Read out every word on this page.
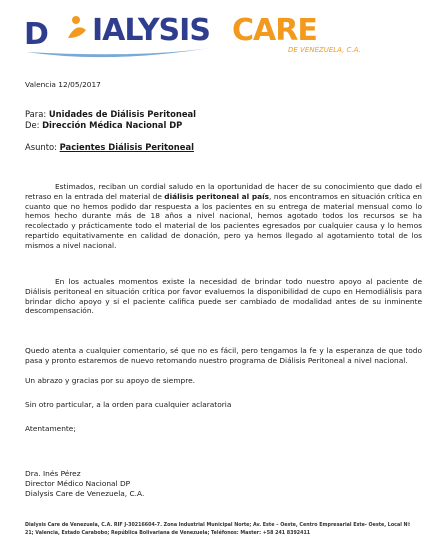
D IALYSIS CARE
DE VENEZUELA, C.A.

Valencia 12/05/2017

Para: Unidades de Diálisis Peritoneal

De: Dirección Médica Nacional DP

Asunto: Pacientes Diálisis Peritoneal

Estimados, reciban un cordial saludo en la oportunidad de hacer de su conocimiento que dado el retraso en la entrada del material de diálisis peritoneal al país, nos encontramos en situación crítica en cuanto que no hemos podido dar respuesta a los pacientes en su entrega de material mensual como lo hemos hecho durante más de 18 años a nivel nacional, hemos agotado todos los recursos se ha recolectado y prácticamente todo el material de los pacientes egresados por cualquier causa y lo hemos repartido equitativamente en calidad de donación, pero ya hemos llegado al agotamiento total de los mismos a nivel nacional.

En los actuales momentos existe la necesidad de brindar todo nuestro apoyo al paciente de Diálisis peritoneal en situación crítica por favor evaluemos la disponibilidad de cupo en Hemodiálisis para brindar dicho apoyo y si el paciente califica puede ser cambiado de modalidad antes de su inminente descompensación.

Quedo atenta a cualquier comentario, sé que no es fácil, pero tengamos la fe y la esperanza de que todo pasa y pronto estaremos de nuevo retomando nuestro programa de Diálisis Peritoneal a nivel nacional.

Un abrazo y gracias por su apoyo de siempre.

Sin otro particular, a la orden para cualquier aclaratoria

Atentamente;

Dra. Inés Pérez
Director Médico Nacional DP
Dialysis Care de Venezuela, C.A.
Dialysis Care de Venezuela, C.A. RIF J-30216604-7. Zona Industrial Municipal Norte; Av. Este – Oeste, Centro Empresarial Este- Oeste, Local Nº 21; Valencia, Estado Carabobo; República Bolivariana de Venezuela; Teléfonos: Master: +58 241 8392411
